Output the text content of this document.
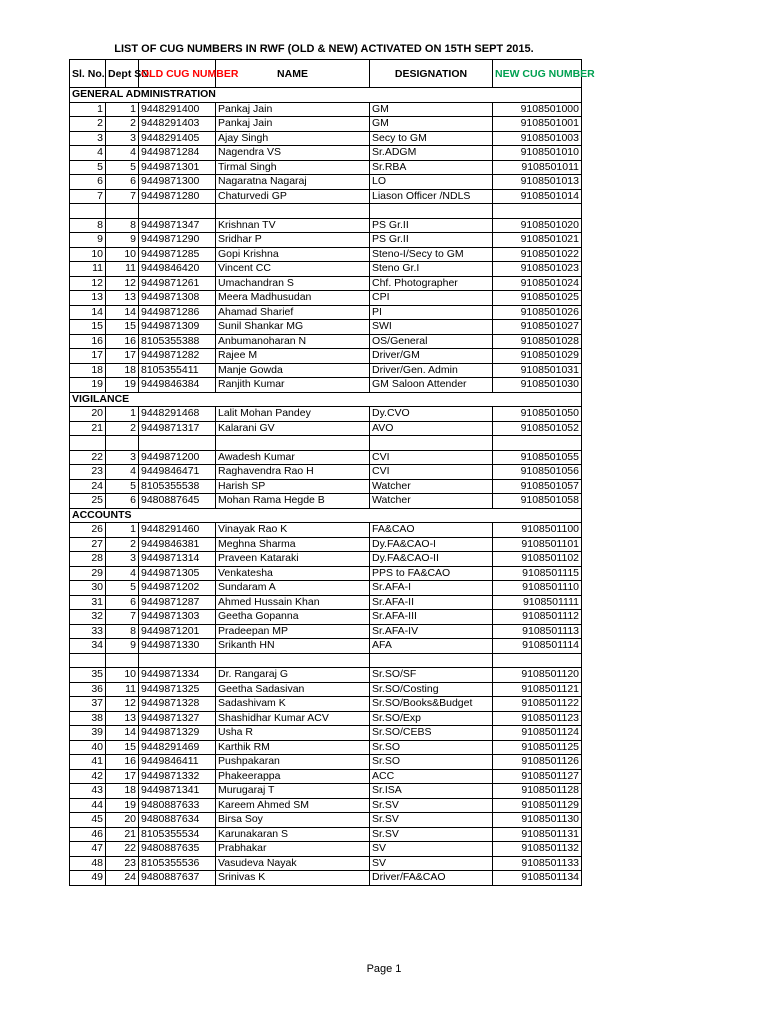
LIST OF CUG NUMBERS IN RWF (OLD & NEW) ACTIVATED ON 15TH SEPT 2015.
Sl. No.	Dept SN.	OLD CUG NUMBER	NAME	DESIGNATION	NEW CUG NUMBER
GENERAL ADMINISTRATION					
1	1	9448291400	Pankaj Jain	GM	9108501000
2	2	9448291403	Pankaj Jain	GM	9108501001
3	3	9448291405	Ajay Singh	Secy to GM	9108501003
4	4	9449871284	Nagendra VS	Sr.ADGM	9108501010
5	5	9449871301	Tirmal Singh	Sr.RBA	9108501011
6	6	9449871300	Nagaratna Nagaraj	LO	9108501013
7	7	9449871280	Chaturvedi GP	Liason Officer /NDLS	9108501014

8	8	9449871347	Krishnan TV	PS Gr.II	9108501020
9	9	9449871290	Sridhar P	PS Gr.II	9108501021
10	10	9449871285	Gopi Krishna	Steno-I/Secy to GM	9108501022
11	11	9449846420	Vincent CC	Steno Gr.I	9108501023
12	12	9449871261	Umachandran S	Chf. Photographer	9108501024
13	13	9449871308	Meera Madhusudan	CPI	9108501025
14	14	9449871286	Ahamad Sharief	PI	9108501026
15	15	9449871309	Sunil Shankar MG	SWI	9108501027
16	16	8105355388	Anbumanoharan N	OS/General	9108501028
17	17	9449871282	Rajee M	Driver/GM	9108501029
18	18	8105355411	Manje Gowda	Driver/Gen. Admin	9108501031
19	19	9449846384	Ranjith Kumar	GM Saloon Attender	9108501030
VIGILANCE					
20	1	9448291468	Lalit Mohan Pandey	Dy.CVO	9108501050
21	2	9449871317	Kalarani GV	AVO	9108501052

22	3	9449871200	Awadesh Kumar	CVI	9108501055
23	4	9449846471	Raghavendra Rao H	CVI	9108501056
24	5	8105355538	Harish SP	Watcher	9108501057
25	6	9480887645	Mohan Rama Hegde B	Watcher	9108501058
ACCOUNTS					
26	1	9448291460	Vinayak Rao K	FA&CAO	9108501100
27	2	9449846381	Meghna Sharma	Dy.FA&CAO-I	9108501101
28	3	9449871314	Praveen Kataraki	Dy.FA&CAO-II	9108501102
29	4	9449871305	Venkatesha	PPS to FA&CAO	9108501115
30	5	9449871202	Sundaram A	Sr.AFA-I	9108501110
31	6	9449871287	Ahmed Hussain Khan	Sr.AFA-II	9108501111
32	7	9449871303	Geetha Gopanna	Sr.AFA-III	9108501112
33	8	9449871201	Pradeepan MP	Sr.AFA-IV	9108501113
34	9	9449871330	Srikanth HN	AFA	9108501114

35	10	9449871334	Dr. Rangaraj G	Sr.SO/SF	9108501120
36	11	9449871325	Geetha Sadasivan	Sr.SO/Costing	9108501121
37	12	9449871328	Sadashivam K	Sr.SO/Books&Budget	9108501122
38	13	9449871327	Shashidhar Kumar ACV	Sr.SO/Exp	9108501123
39	14	9449871329	Usha R	Sr.SO/CEBS	9108501124
40	15	9448291469	Karthik RM	Sr.SO	9108501125
41	16	9449846411	Pushpakaran	Sr.SO	9108501126
42	17	9449871332	Phakeerappa	ACC	9108501127
43	18	9449871341	Murugaraj T	Sr.ISA	9108501128
44	19	9480887633	Kareem Ahmed SM	Sr.SV	9108501129
45	20	9480887634	Birsa Soy	Sr.SV	9108501130
46	21	8105355534	Karunakaran S	Sr.SV	9108501131
47	22	9480887635	Prabhakar	SV	9108501132
48	23	8105355536	Vasudeva Nayak	SV	9108501133
49	24	9480887637	Srinivas K	Driver/FA&CAO	9108501134
Page 1
